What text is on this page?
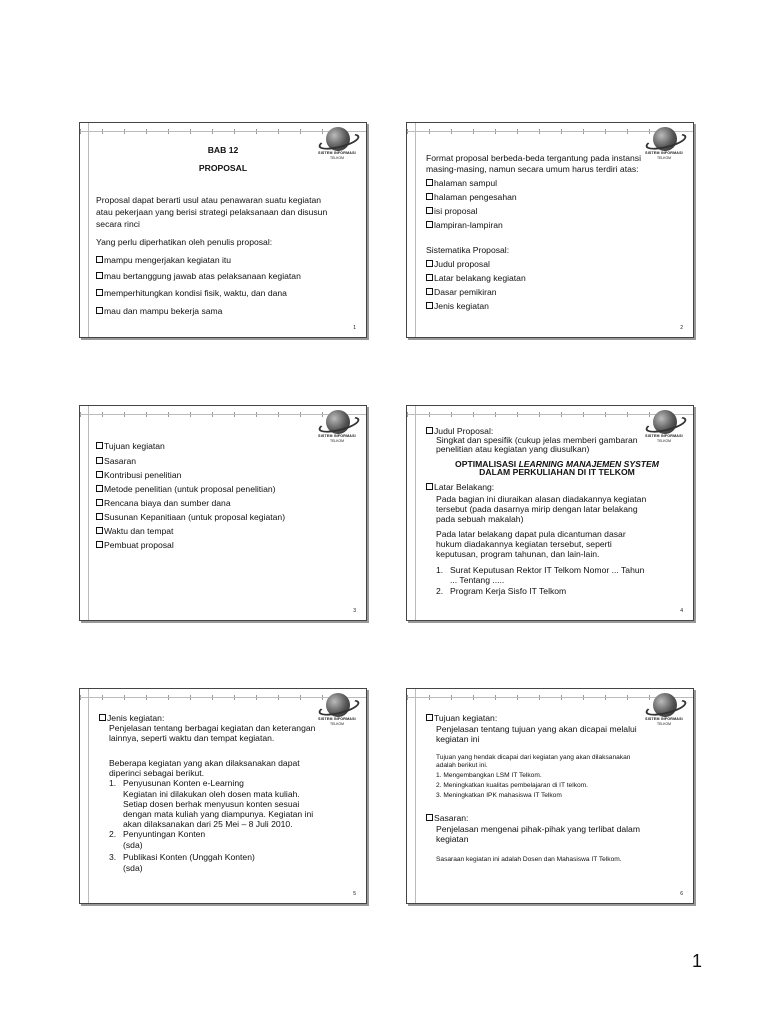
SISTEM INFORMASI
TELKOM
BAB 12
PROPOSAL
Proposal dapat berarti usul atau penawaran suatu kegiatan
atau pekerjaan yang berisi strategi pelaksanaan dan disusun
secara rinci
Yang perlu diperhatikan oleh penulis proposal:
mampu mengerjakan kegiatan itu
mau bertanggung jawab atas pelaksanaan kegiatan
memperhitungkan kondisi fisik, waktu, dan dana
mau dan mampu bekerja sama
1
SISTEM INFORMASI
TELKOM
Format proposal berbeda-beda tergantung pada instansi
masing-masing, namun secara umum harus terdiri atas:
halaman sampul
halaman pengesahan
isi proposal
lampiran-lampiran
Sistematika Proposal:
Judul proposal
Latar belakang kegiatan
Dasar pemikiran
Jenis kegiatan
2
SISTEM INFORMASI
TELKOM
Tujuan kegiatan
Sasaran
Kontribusi penelitian
Metode penelitian (untuk proposal penelitian)
Rencana biaya dan sumber dana
Susunan Kepanitiaan (untuk proposal kegiatan)
Waktu dan tempat
Pembuat proposal
3
SISTEM INFORMASI
TELKOM
Judul Proposal:
Singkat dan spesifik (cukup jelas memberi gambaran
penelitian atau kegiatan yang diusulkan)
OPTIMALISASI LEARNING MANAJEMEN SYSTEM
DALAM PERKULIAHAN DI IT TELKOM
Latar Belakang:
Pada bagian ini diuraikan alasan diadakannya kegiatan
tersebut (pada dasarnya mirip dengan latar belakang
pada sebuah makalah)
Pada latar belakang dapat pula dicantuman dasar
hukum diadakannya kegiatan tersebut, seperti
keputusan, program tahunan, dan lain-lain.
1. Surat Keputusan Rektor IT Telkom Nomor ... Tahun
... Tentang .....
2. Program Kerja Sisfo IT Telkom
4
SISTEM INFORMASI
TELKOM
Jenis kegiatan:
Penjelasan tentang berbagai kegiatan dan keterangan
lainnya, seperti waktu dan tempat kegiatan.
Beberapa kegiatan yang akan dilaksanakan dapat
diperinci sebagai berikut.
1. Penyusunan Konten e-Learning
Kegiatan ini dilakukan oleh dosen mata kuliah.
Setiap dosen berhak menyusun konten sesuai
dengan mata kuliah yang diampunya. Kegiatan ini
akan dilaksanakan dari 25 Mei – 8 Juli 2010.
2. Penyuntingan Konten
(sda)
3. Publikasi Konten (Unggah Konten)
(sda)
5
SISTEM INFORMASI
TELKOM
Tujuan kegiatan:
Penjelasan tentang tujuan yang akan dicapai melalui
kegiatan ini
Tujuan yang hendak dicapai dari kegiatan yang akan dilaksanakan
adalah berikut ini.
1. Mengembangkan LSM IT Telkom.
2. Meningkatkan kualitas pembelajaran di IT telkom.
3. Meningkatkan IPK mahasiswa IT Telkom
Sasaran:
Penjelasan mengenai pihak-pihak yang terlibat dalam
kegiatan
Sasaraan kegiatan ini adalah Dosen dan Mahasiswa IT Telkom.
6
1
